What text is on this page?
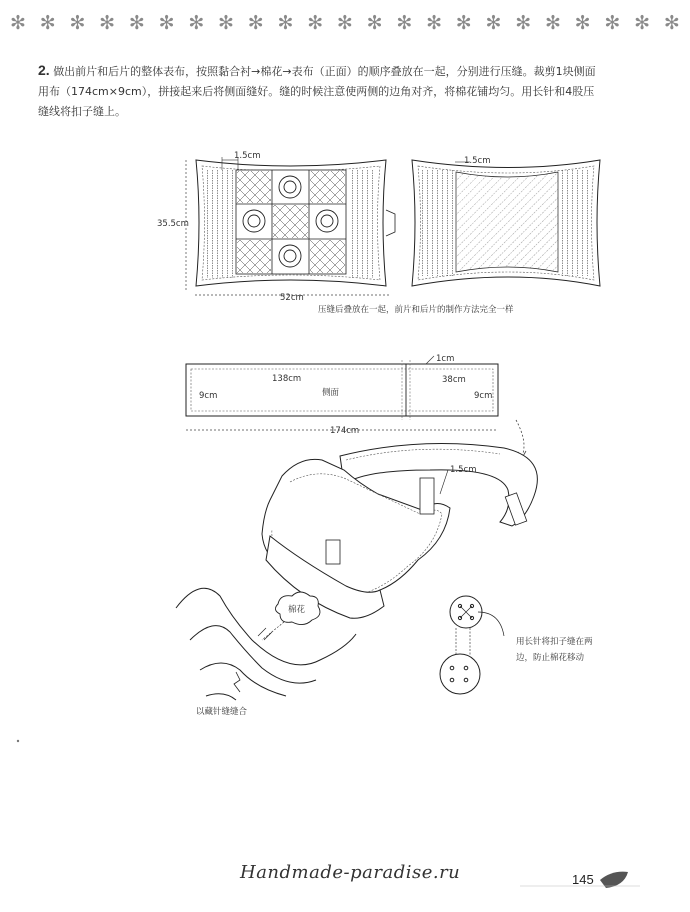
✻ ✻ ✻ ✻ ✻ ✻ ✻ ✻ ✻ ✻ ✻ ✻ ✻ ✻ ✻ ✻ ✻ ✻ ✻ ✻ ✻ ✻ ✻
2. 做出前片和后片的整体表布，按照黏合衬→棉花→表布（正面）的顺序叠放在一起，分别进行压缝。裁剪1块侧面
用布（174cm×9cm），拼接起来后将侧面缝好。缝的时候注意使两侧的边角对齐，将棉花铺均匀。用长针和4股压
缝线将扣子缝上。
1.5cm
35.5cm
52cm
1.5cm
压缝后叠放在一起，前片和后片的制作方法完全一样
1cm
138cm
侧面
38cm
9cm	9cm
174cm
1.5cm
棉花
以藏针缝缝合
用长针将扣子缝在两
边，防止棉花移动
Handmade-paradise.ru	145
